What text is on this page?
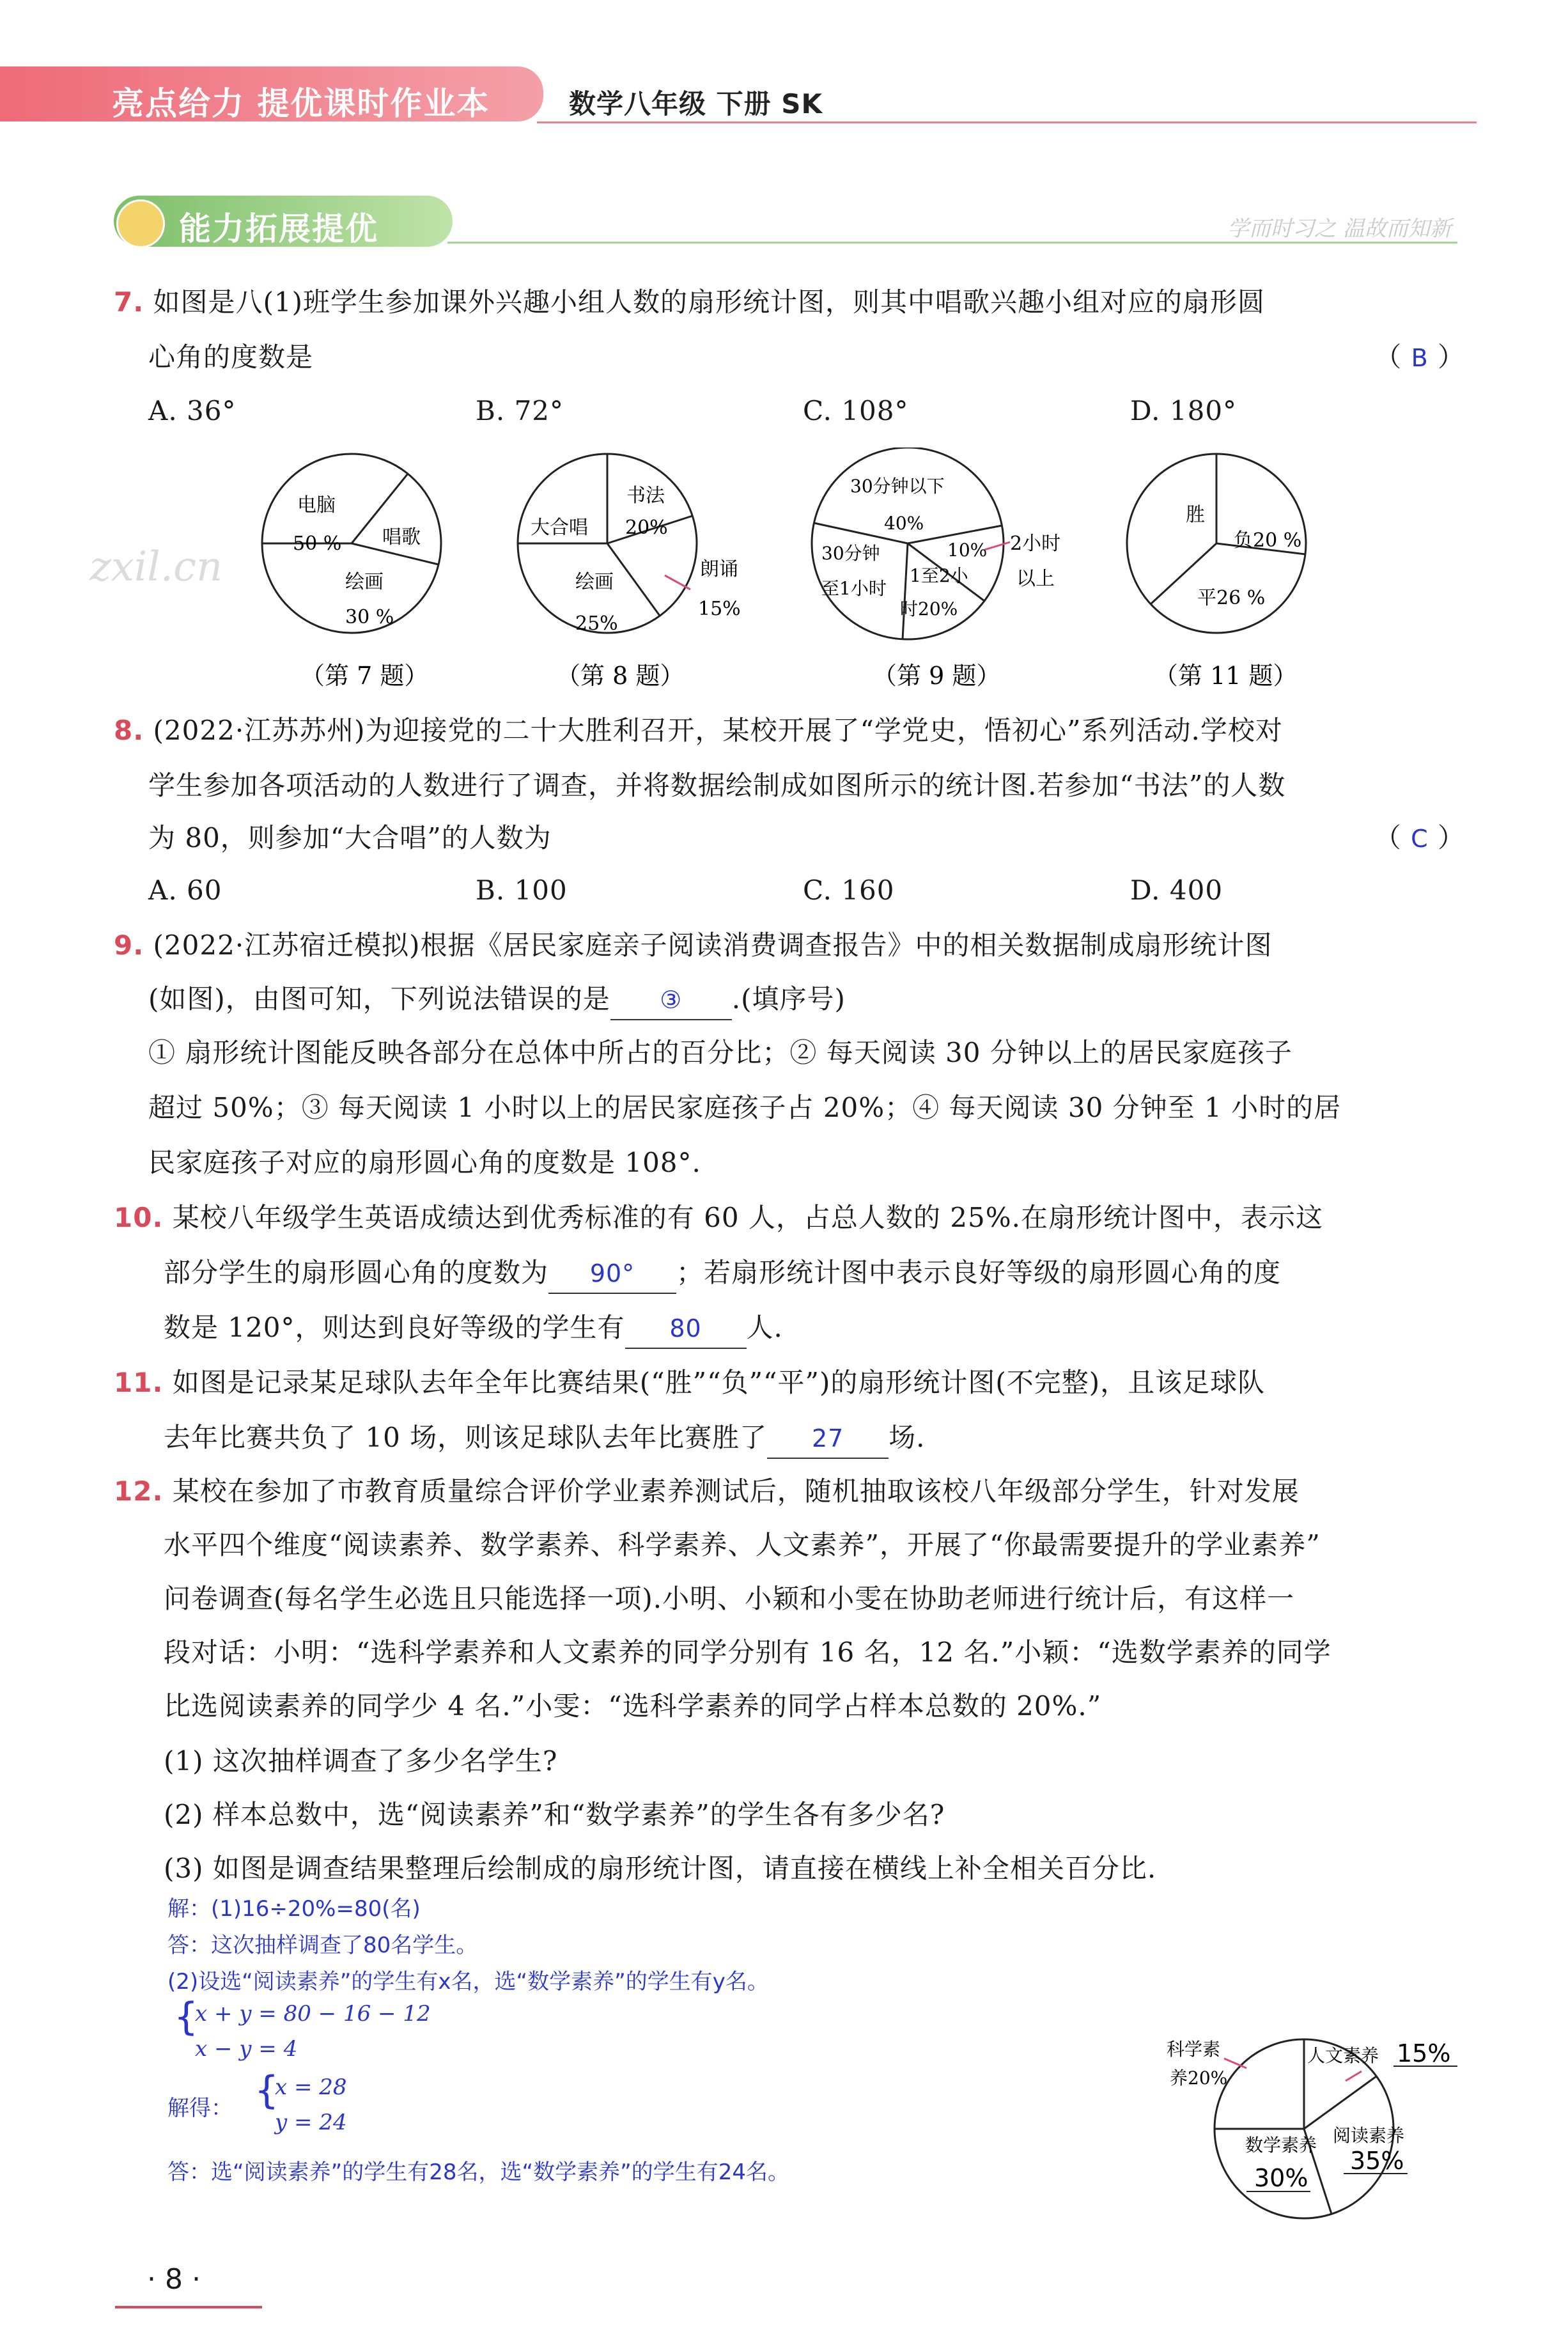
亮点给力 提优课时作业本	数学八年级 下册 SK
能力拓展提优	学而时习之 温故而知新
zxil.cn
7. 如图是八(1)班学生参加课外兴趣小组人数的扇形统计图，则其中唱歌兴趣小组对应的扇形圆
心角的度数是	（ B ）
A. 36°	B. 72°	C. 108°	D. 180°
电脑
50 % 唱歌
绘画
30 %
（第 7 题）
书法
20%
大合唱
绘画
25%
朗诵
15%
（第 8 题）
30分钟以下
40%
30分钟
至1小时
10%
1至2小
时20%
2小时
以上
（第 9 题）
胜
负20 %
平26 %
（第 11 题）
8. (2022·江苏苏州)为迎接党的二十大胜利召开，某校开展了“学党史，悟初心”系列活动.学校对
学生参加各项活动的人数进行了调查，并将数据绘制成如图所示的统计图.若参加“书法”的人数
为 80，则参加“大合唱”的人数为	（ C ）
A. 60	B. 100	C. 160	D. 400
9. (2022·江苏宿迁模拟)根据《居民家庭亲子阅读消费调查报告》中的相关数据制成扇形统计图
(如图)，由图可知，下列说法错误的是 ③ .(填序号)
① 扇形统计图能反映各部分在总体中所占的百分比；② 每天阅读 30 分钟以上的居民家庭孩子
超过 50%；③ 每天阅读 1 小时以上的居民家庭孩子占 20%；④ 每天阅读 30 分钟至 1 小时的居
民家庭孩子对应的扇形圆心角的度数是 108°.
10. 某校八年级学生英语成绩达到优秀标准的有 60 人，占总人数的 25%.在扇形统计图中，表示这
部分学生的扇形圆心角的度数为 90° ；若扇形统计图中表示良好等级的扇形圆心角的度
数是 120°，则达到良好等级的学生有 80 人.
11. 如图是记录某足球队去年全年比赛结果(“胜”“负”“平”)的扇形统计图(不完整)，且该足球队
去年比赛共负了 10 场，则该足球队去年比赛胜了 27 场.
12. 某校在参加了市教育质量综合评价学业素养测试后，随机抽取该校八年级部分学生，针对发展
水平四个维度“阅读素养、数学素养、科学素养、人文素养”，开展了“你最需要提升的学业素养”
问卷调查(每名学生必选且只能选择一项).小明、小颖和小雯在协助老师进行统计后，有这样一
段对话：小明：“选科学素养和人文素养的同学分别有 16 名，12 名.”小颖：“选数学素养的同学
比选阅读素养的同学少 4 名.”小雯：“选科学素养的同学占样本总数的 20%.”
(1) 这次抽样调查了多少名学生?
(2) 样本总数中，选“阅读素养”和“数学素养”的学生各有多少名?
(3) 如图是调查结果整理后绘制成的扇形统计图，请直接在横线上补全相关百分比.
解：(1)16÷20%=80(名)
答：这次抽样调查了80名学生。
(2)设选“阅读素养”的学生有x名，选“数学素养”的学生有y名。
{
x + y = 80 − 16 − 12
x − y = 4
解得： {
x = 28
y = 24
答：选“阅读素养”的学生有28名，选“数学素养”的学生有24名。
人文素养
科学素
养20%
数学素养 阅读素养
15%
30%
35%
· 8 ·
